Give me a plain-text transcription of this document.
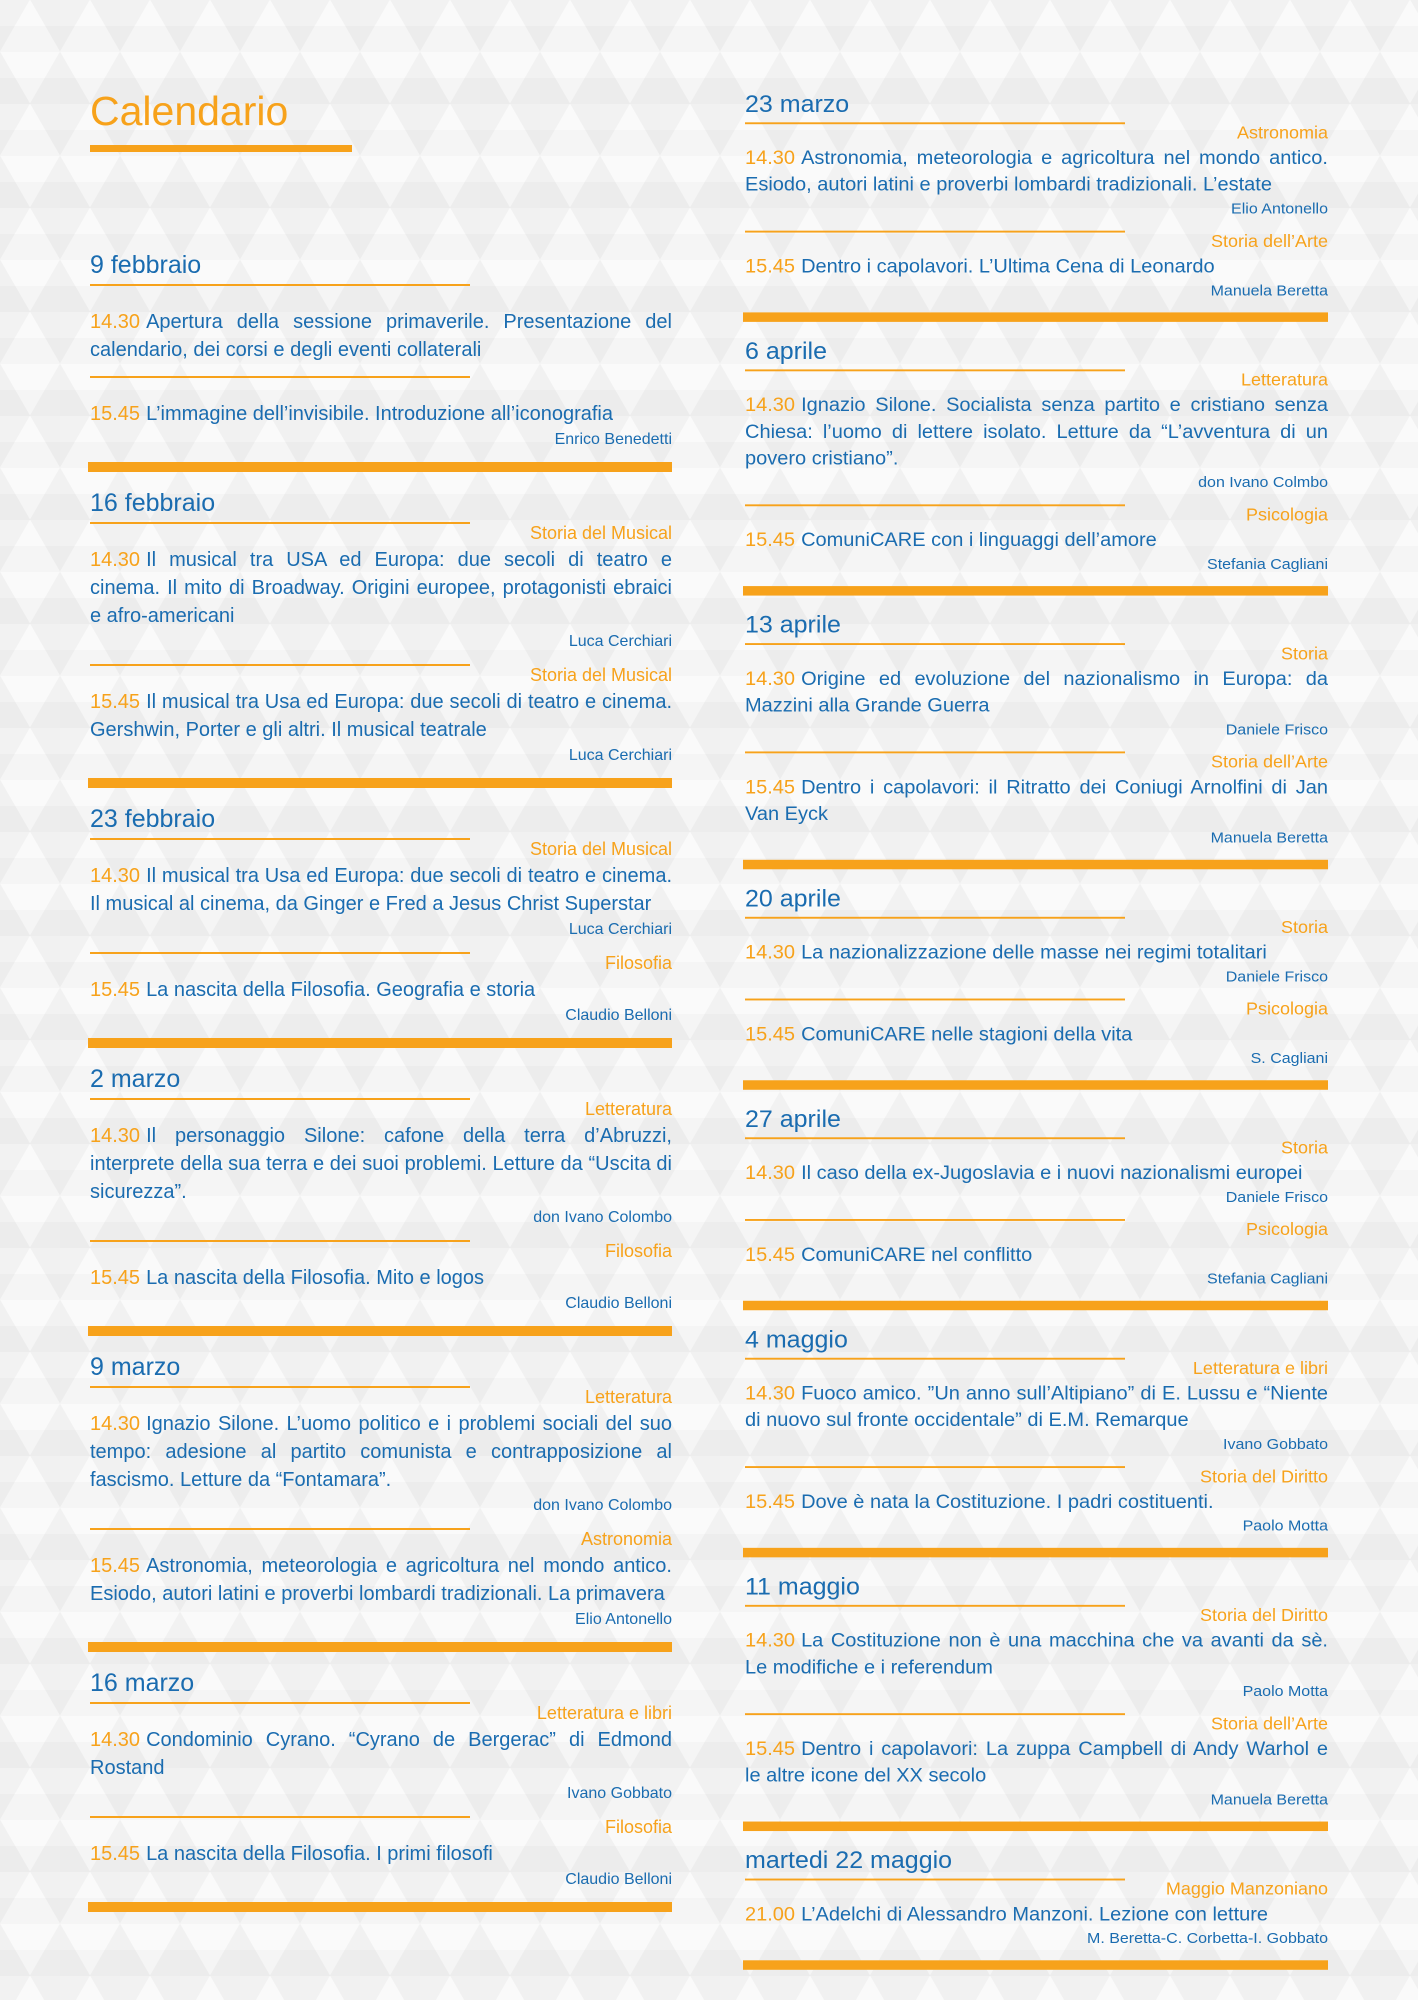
Calendario
9 febbraio
14.30 Apertura della sessione primaverile. Presentazione del calendario, dei corsi e degli eventi collaterali
15.45 L’immagine dell’invisibile. Introduzione all’iconografia
Enrico Benedetti
16 febbraio
Storia del Musical
14.30 Il musical tra USA ed Europa: due secoli di teatro e cinema. Il mito di Broadway. Origini europee, protagonisti ebraici e afro-americani
Luca Cerchiari
Storia del Musical
15.45 Il musical tra Usa ed Europa: due secoli di teatro e cinema. Gershwin, Porter e gli altri. Il musical teatrale
Luca Cerchiari
23 febbraio
Storia del Musical
14.30 Il musical tra Usa ed Europa: due secoli di teatro e cinema. Il musical al cinema, da Ginger e Fred a Jesus Christ Superstar
Luca Cerchiari
Filosofia
15.45 La nascita della Filosofia. Geografia e storia
Claudio Belloni
2 marzo
Letteratura
14.30 Il personaggio Silone: cafone della terra d’Abruzzi, interprete della sua terra e dei suoi problemi. Letture da “Uscita di sicurezza”.
don Ivano Colombo
Filosofia
15.45 La nascita della Filosofia. Mito e logos
Claudio Belloni
9 marzo
Letteratura
14.30 Ignazio Silone. L’uomo politico e i problemi sociali del suo tempo: adesione al partito comunista e contrapposizione al fascismo. Letture da “Fontamara”.
don Ivano Colombo
Astronomia
15.45 Astronomia, meteorologia e agricoltura nel mondo antico. Esiodo, autori latini e proverbi lombardi tradizionali. La primavera
Elio Antonello
16 marzo
Letteratura e libri
14.30 Condominio Cyrano. “Cyrano de Bergerac” di Edmond Rostand
Ivano Gobbato
Filosofia
15.45 La nascita della Filosofia. I primi filosofi
Claudio Belloni
23 marzo
Astronomia
14.30 Astronomia, meteorologia e agricoltura nel mondo antico. Esiodo, autori latini e proverbi lombardi tradizionali. L’estate
Elio Antonello
Storia dell’Arte
15.45 Dentro i capolavori. L’Ultima Cena di Leonardo
Manuela Beretta
6 aprile
Letteratura
14.30 Ignazio Silone. Socialista senza partito e cristiano senza Chiesa: l’uomo di lettere isolato. Letture da “L’avventura di un povero cristiano”.
don Ivano Colmbo
Psicologia
15.45 ComuniCARE con i linguaggi dell’amore
Stefania Cagliani
13 aprile
Storia
14.30 Origine ed evoluzione del nazionalismo in Europa: da Mazzini alla Grande Guerra
Daniele Frisco
Storia dell’Arte
15.45 Dentro i capolavori: il Ritratto dei Coniugi Arnolfini di Jan Van Eyck
Manuela Beretta
20 aprile
Storia
14.30 La nazionalizzazione delle masse nei regimi totalitari
Daniele Frisco
Psicologia
15.45 ComuniCARE nelle stagioni della vita
S. Cagliani
27 aprile
Storia
14.30 Il caso della ex-Jugoslavia e i nuovi nazionalismi europei
Daniele Frisco
Psicologia
15.45 ComuniCARE nel conflitto
Stefania Cagliani
4 maggio
Letteratura e libri
14.30 Fuoco amico. ”Un anno sull’Altipiano” di E. Lussu e “Niente di nuovo sul fronte occidentale” di E.M. Remarque
Ivano Gobbato
Storia del Diritto
15.45 Dove è nata la Costituzione. I padri costituenti.
Paolo Motta
11 maggio
Storia del Diritto
14.30 La Costituzione non è una macchina che va avanti da sè. Le modifiche e i referendum
Paolo Motta
Storia dell’Arte
15.45 Dentro i capolavori: La zuppa Campbell di Andy Warhol e le altre icone del XX secolo
Manuela Beretta
martedi 22 maggio
Maggio Manzoniano
21.00 L’Adelchi di Alessandro Manzoni. Lezione con letture
M. Beretta-C. Corbetta-I. Gobbato
